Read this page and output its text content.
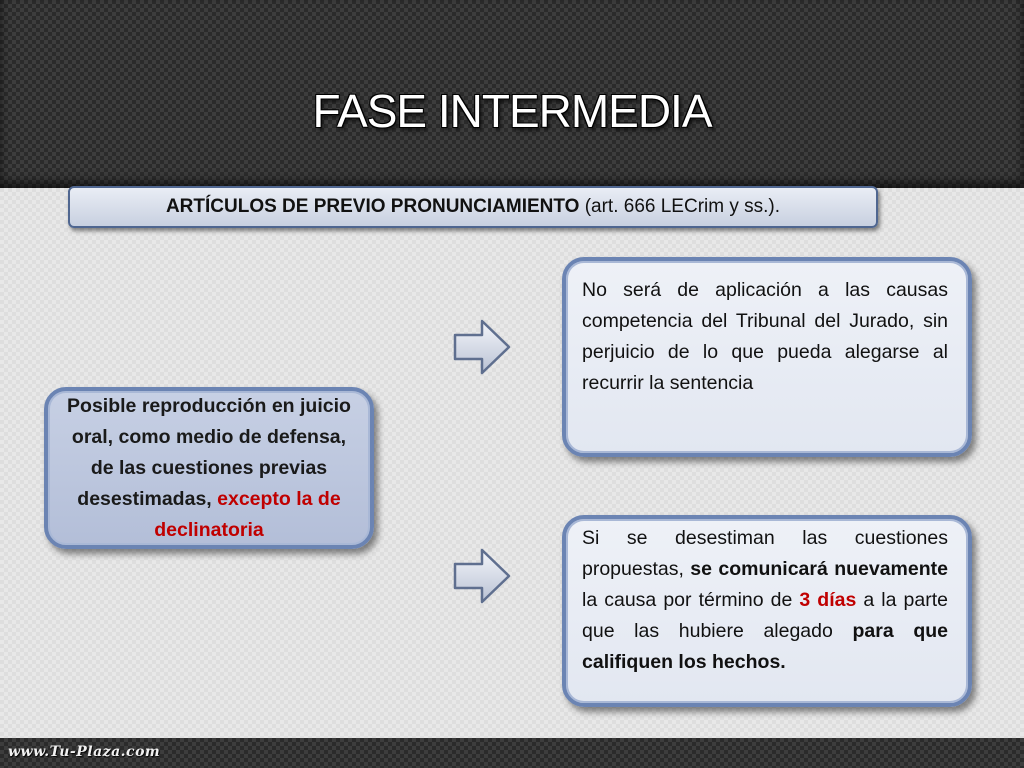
FASE INTERMEDIA
ARTÍCULOS DE PREVIO PRONUNCIAMIENTO (art. 666 LECrim y ss.).
Posible reproducción en juicio oral, como medio de defensa, de las cuestiones previas desestimadas, excepto la de declinatoria
No será de aplicación a las causas competencia del Tribunal del Jurado, sin perjuicio de lo que pueda alegarse al recurrir la sentencia
Si se desestiman las cuestiones propuestas, se comunicará nuevamente la causa por término de 3 días a la parte que las hubiere alegado para que califiquen los hechos.
www.Tu-Plaza.com
